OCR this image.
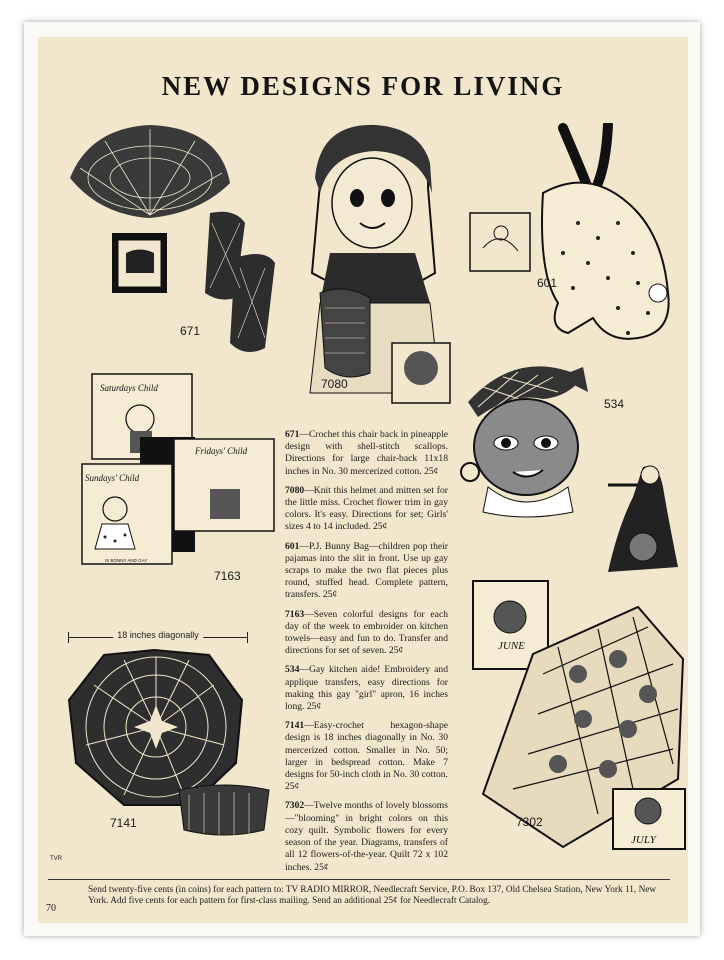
NEW DESIGNS FOR LIVING
671
7080
601
534
Saturdays Child
Fridays' Child
Sundays' Child
IS BONNY AND GAY
7163
18 inches diagonally
7141
JUNE
JULY
7302

671—Crochet this chair back in pineapple design with shell-stitch scallops. Directions for large chair-back 11x18 inches in No. 30 mercerized cotton. 25¢

7080—Knit this helmet and mitten set for the little miss. Crochet flower trim in gay colors. It's easy. Directions for set; Girls' sizes 4 to 14 included. 25¢

601—P.J. Bunny Bag—children pop their pajamas into the slit in front. Use up gay scraps to make the two flat pieces plus round, stuffed head. Complete pattern, transfers. 25¢

7163—Seven colorful designs for each day of the week to embroider on kitchen towels—easy and fun to do. Transfer and directions for set of seven. 25¢

534—Gay kitchen aide! Embroidery and applique transfers, easy directions for making this gay "girl" apron, 16 inches long. 25¢

7141—Easy-crochet hexagon-shape design is 18 inches diagonally in No. 30 mercerized cotton. Smaller in No. 50; larger in bedspread cotton. Make 7 designs for 50-inch cloth in No. 30 cotton. 25¢

7302—Twelve months of lovely blossoms—"blooming" in bright colors on this cozy quilt. Symbolic flowers for every season of the year. Diagrams, transfers of all 12 flowers-of-the-year. Quilt 72 x 102 inches. 25¢

TVR
Send twenty-five cents (in coins) for each pattern to: TV RADIO MIRROR, Needlecraft Service, P.O. Box 137, Old Chelsea Station, New York 11, New York. Add five cents for each pattern for first-class mailing. Send an additional 25¢ for Needlecraft Catalog.
70
